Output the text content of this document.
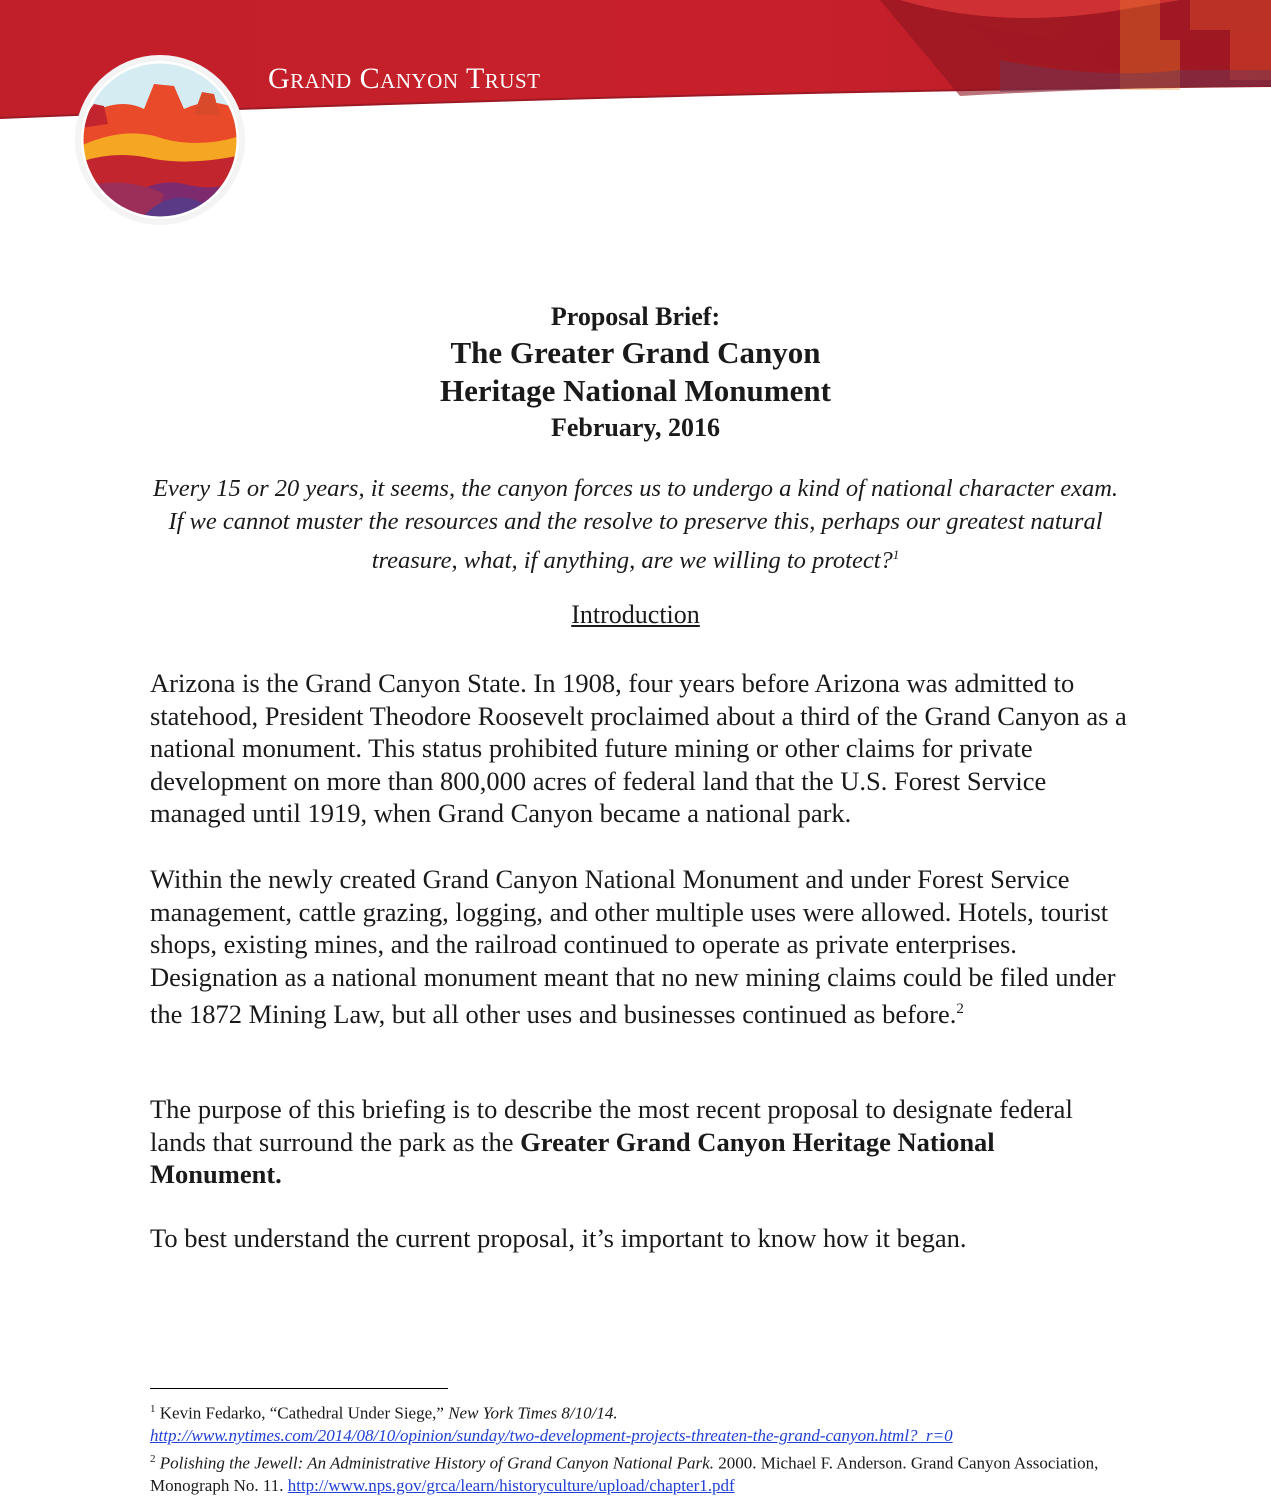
Grand Canyon Trust
Proposal Brief:
The Greater Grand Canyon
Heritage National Monument
February, 2016
Every 15 or 20 years, it seems, the canyon forces us to undergo a kind of national character exam.
If we cannot muster the resources and the resolve to preserve this, perhaps our greatest natural
treasure, what, if anything, are we willing to protect?$^1$
Introduction

Arizona is the Grand Canyon State. In 1908, four years before Arizona was admitted to statehood, President Theodore Roosevelt proclaimed about a third of the Grand Canyon as a national monument. This status prohibited future mining or other claims for private development on more than 800,000 acres of federal land that the U.S. Forest Service managed until 1919, when Grand Canyon became a national park.

Within the newly created Grand Canyon National Monument and under Forest Service management, cattle grazing, logging, and other multiple uses were allowed. Hotels, tourist shops, existing mines, and the railroad continued to operate as private enterprises. Designation as a national monument meant that no new mining claims could be filed under the 1872 Mining Law, but all other uses and businesses continued as before.$^2$

The purpose of this briefing is to describe the most recent proposal to designate federal lands that surround the park as the Greater Grand Canyon Heritage National Monument.

To best understand the current proposal, it’s important to know how it began.

$^1$ Kevin Fedarko, “Cathedral Under Siege,” New York Times 8/10/14.
http://www.nytimes.com/2014/08/10/opinion/sunday/two-development-projects-threaten-the-grand-canyon.html?_r=0
$^2$ Polishing the Jewell: An Administrative History of Grand Canyon National Park. 2000. Michael F. Anderson. Grand Canyon Association, Monograph No. 11. http://www.nps.gov/grca/learn/historyculture/upload/chapter1.pdf
